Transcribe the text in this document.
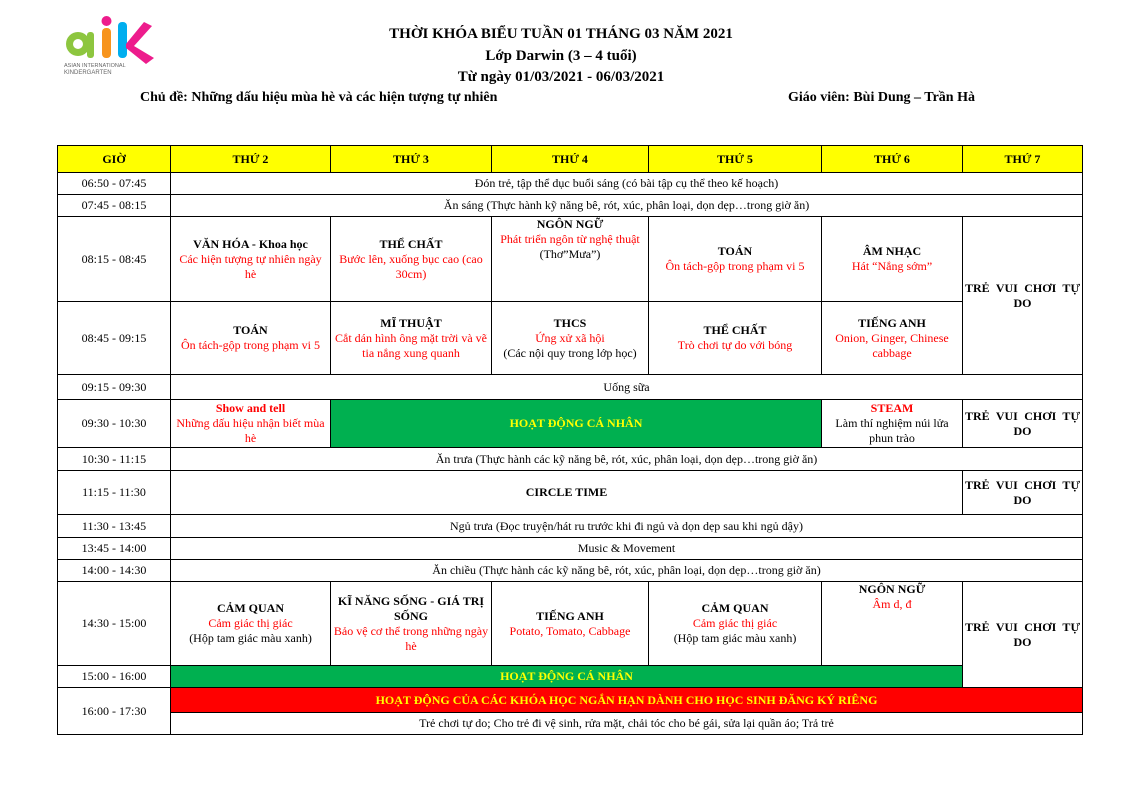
ASIAN INTERNATIONAL
KINDERGARTEN
THỜI KHÓA BIỂU TUẦN 01 THÁNG 03 NĂM 2021
Lớp Darwin (3 – 4 tuổi)
Từ ngày 01/03/2021 - 06/03/2021
Chủ đề: Những dấu hiệu mùa hè và các hiện tượng tự nhiên	Giáo viên: Bùi Dung – Trần Hà
GIỜ	THỨ 2	THỨ 3	THỨ 4	THỨ 5	THỨ 6	THỨ 7
06:50 - 07:45	Đón trẻ, tập thể dục buổi sáng (có bài tập cụ thể theo kế hoạch)					
07:45 - 08:15	Ăn sáng (Thực hành kỹ năng bê, rót, xúc, phân loại, dọn dẹp…trong giờ ăn)					
08:15 - 08:45	VĂN HÓA - Khoa học
Các hiện tượng tự nhiên ngày hè	THỂ CHẤT
Bước lên, xuống bục cao (cao 30cm)	NGÔN NGỮ
Phát triển ngôn từ nghệ thuật
(Thơ”Mưa”)	TOÁN
Ôn tách-gộp trong phạm vi 5	ÂM NHẠC
Hát “Nắng sớm”	TRẺ VUI CHƠI TỰ DO
08:45 - 09:15	TOÁN
Ôn tách-gộp trong phạm vi 5	MĨ THUẬT
Cắt dán hình ông mặt trời và vẽ tia nắng xung quanh	THCS
Ứng xử xã hội
(Các nội quy trong lớp học)	THỂ CHẤT
Trò chơi tự do với bóng	TIẾNG ANH
Onion, Ginger, Chinese cabbage	

09:15 - 09:30	Uống sữa					
09:30 - 10:30	Show and tell
Những dấu hiệu nhận biết mùa hè	HOẠT ĐỘNG CÁ NHÂN			STEAM
Làm thí nghiệm núi lửa phun trào	TRẺ VUI CHƠI TỰ DO
10:30 - 11:15	Ăn trưa (Thực hành các kỹ năng bê, rót, xúc, phân loại, dọn dẹp…trong giờ ăn)					
11:15 - 11:30	CIRCLE TIME					TRẺ VUI CHƠI TỰ DO
11:30 - 13:45	Ngủ trưa (Đọc truyện/hát ru trước khi đi ngủ và dọn dẹp sau khi ngủ dậy)					
13:45 - 14:00	Music & Movement					
14:00 - 14:30	Ăn chiều (Thực hành các kỹ năng bê, rót, xúc, phân loại, dọn dẹp…trong giờ ăn)					
14:30 - 15:00	CẢM QUAN
Cảm giác thị giác
(Hộp tam giác màu xanh)	KĨ NĂNG SỐNG - GIÁ TRỊ SỐNG
Bảo vệ cơ thể trong những ngày hè	TIẾNG ANH
Potato, Tomato, Cabbage	CẢM QUAN
Cảm giác thị giác
(Hộp tam giác màu xanh)	NGÔN NGỮ
Âm d, đ	TRẺ VUI CHƠI TỰ DO
15:00 - 16:00	HOẠT ĐỘNG CÁ NHÂN					
16:00 - 17:30	HOẠT ĐỘNG CỦA CÁC KHÓA HỌC NGẮN HẠN DÀNH CHO HỌC SINH ĐĂNG KÝ RIÊNG					
	Trẻ chơi tự do; Cho trẻ đi vệ sinh, rửa mặt, chải tóc cho bé gái, sửa lại quần áo; Trả trẻ					
